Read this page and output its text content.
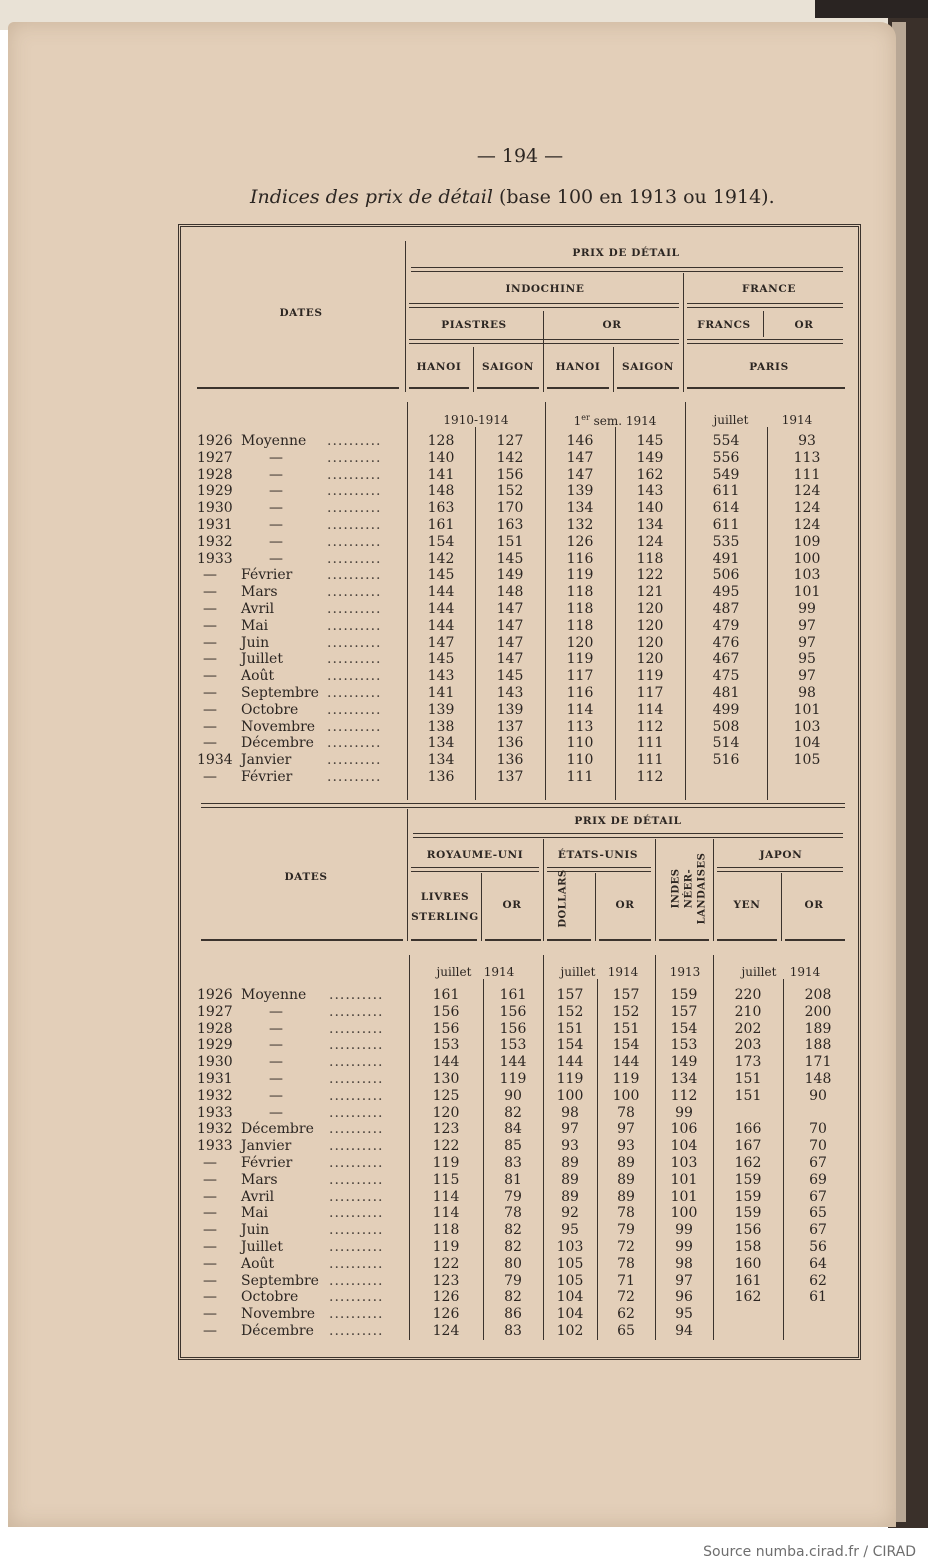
— 194 —
Indices des prix de détail (base 100 en 1913 ou 1914).
DATES
PRIX DE DÉTAIL
INDOCHINE	FRANCE
PIASTRES	OR	FRANCS	OR
HANOI	SAIGON	HANOI	SAIGON	PARIS
1910-1914	1er sem. 1914	juillet	1914
1926 Moyenne ..........	128	127	146	145	554	93
1927	—	..........	140	142	147	149	556	113
1928	—	..........	141	156	147	162	549	111
1929	—	..........	148	152	139	143	611	124
1930	—	..........	163	170	134	140	614	124
1931	—	..........	161	163	132	134	611	124
1932	—	..........	154	151	126	124	535	109
1933	—	..........	142	145	116	118	491	100
— Février ..........	145	149	119	122	506	103
— Mars	..........	144	148	118	121	495	101
— Avril	..........	144	147	118	120	487	99
— Mai	..........	144	147	118	120	479	97
— Juin	..........	147	147	120	120	476	97
— Juillet	..........	145	147	119	120	467	95
— Août	..........	143	145	117	119	475	97
— Septembre ..........	141	143	116	117	481	98
— Octobre ..........	139	139	114	114	499	101
— Novembre ..........	138	137	113	112	508	103
— Décembre ..........	134	136	110	111	514	104
1934 Janvier	..........	134	136	110	111	516	105
— Février ..........	136	137	111	112
DATES
PRIX DE DÉTAIL
ROYAUME-UNI	ÉTATS-UNIS	JAPON
LIVRES
STERLING
OR	DOLLARS	OR	INDES NÉER- LANDAISES	YEN	OR
juillet	1914	juillet	1914	1913	juillet	1914
1926 Moyenne ..........	161	161	157	157	159	220	208
1927	—	..........	156	156	152	152	157	210	200
1928	—	..........	156	156	151	151	154	202	189
1929	—	..........	153	153	154	154	153	203	188
1930	—	..........	144	144	144	144	149	173	171
1931	—	..........	130	119	119	119	134	151	148
1932	—	..........	125	90	100	100	112	151	90
1933	—	..........	120	82	98	78	99
1932 Décembre ..........	123	84	97	97	106	166	70
1933 Janvier	..........	122	85	93	93	104	167	70
— Février	..........	119	83	89	89	103	162	67
— Mars	..........	115	81	89	89	101	159	69
— Avril	..........	114	79	89	89	101	159	67
— Mai	..........	114	78	92	78	100	159	65
— Juin	..........	118	82	95	79	99	156	67
— Juillet	..........	119	82	103	72	99	158	56
— Août	..........	122	80	105	78	98	160	64
— Septembre ..........	123	79	105	71	97	161	62
— Octobre ..........	126	82	104	72	96	162	61
— Novembre ..........	126	86	104	62	95
— Décembre ..........	124	83	102	65	94
Source numba.cirad.fr / CIRAD
